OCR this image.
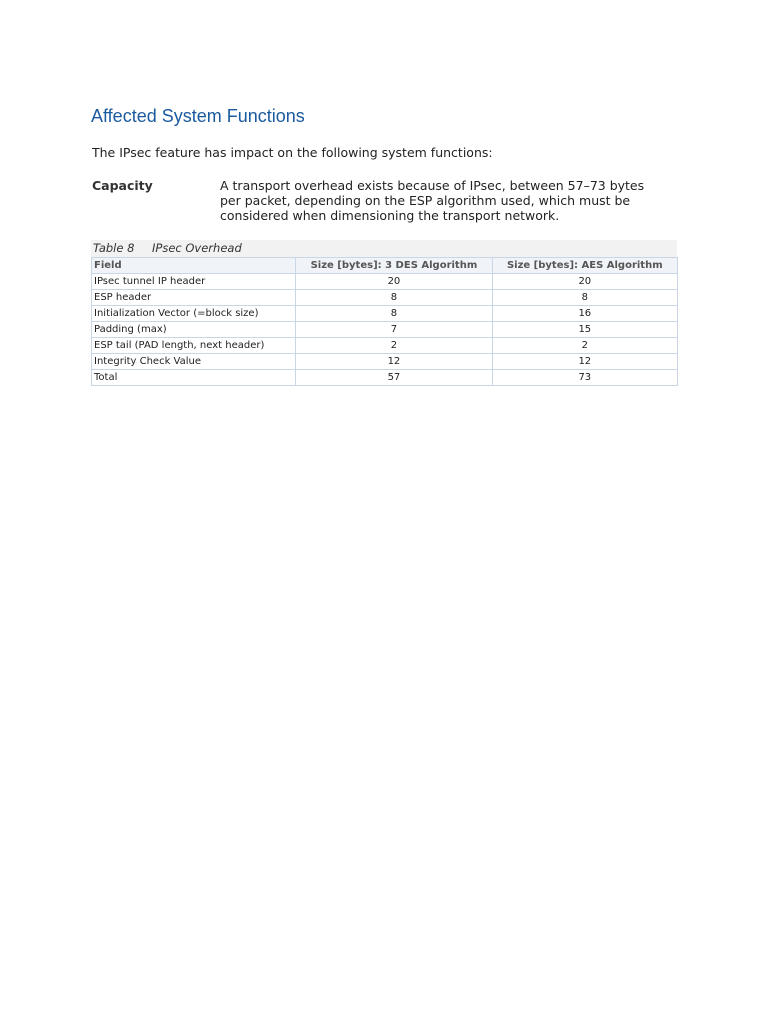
Affected System Functions

The IPsec feature has impact on the following system functions:

Capacity	A transport overhead exists because of IPsec, between 57–73 bytes
per packet, depending on the ESP algorithm used, which must be
considered when dimensioning the transport network.
Table 8 IPsec Overhead
Field	Size [bytes]: 3 DES Algorithm	Size [bytes]: AES Algorithm
IPsec tunnel IP header	20	20
ESP header	8	8
Initialization Vector (=block size)	8	16
Padding (max)	7	15
ESP tail (PAD length, next header)	2	2
Integrity Check Value	12	12
Total	57	73
